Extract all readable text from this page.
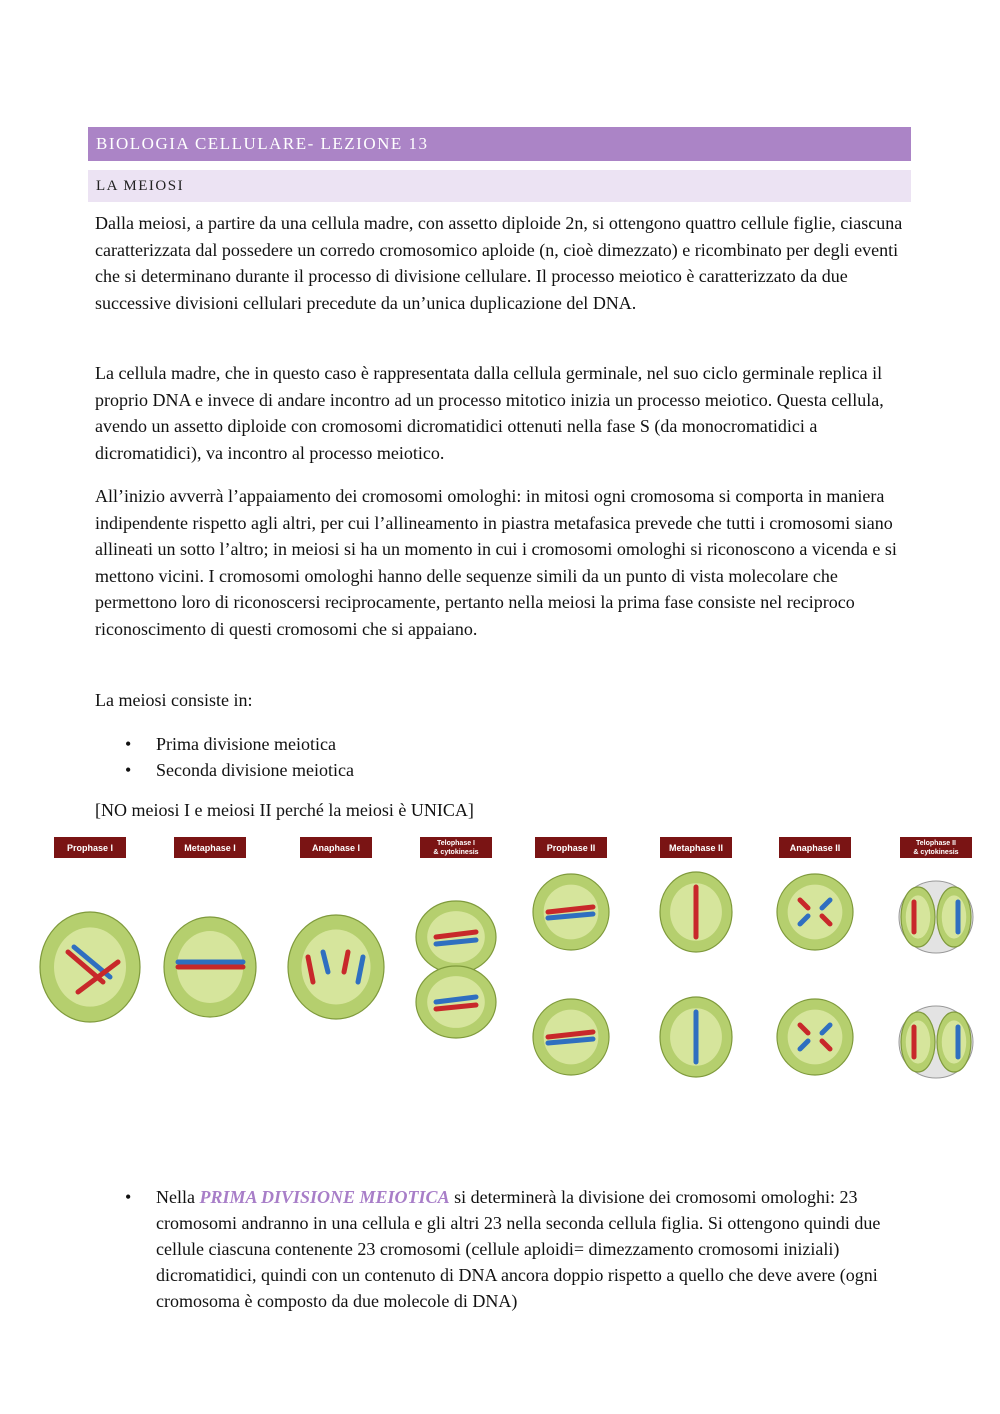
BIOLOGIA CELLULARE- LEZIONE 13
LA MEIOSI

Dalla meiosi, a partire da una cellula madre, con assetto diploide 2n, si ottengono quattro cellule figlie, ciascuna caratterizzata dal possedere un corredo cromosomico aploide (n, cioè dimezzato) e ricombinato per degli eventi che si determinano durante il processo di divisione cellulare. Il processo meiotico è caratterizzato da due successive divisioni cellulari precedute da un’unica duplicazione del DNA.

La cellula madre, che in questo caso è rappresentata dalla cellula germinale, nel suo ciclo germinale replica il proprio DNA e invece di andare incontro ad un processo mitotico inizia un processo meiotico. Questa cellula, avendo un assetto diploide con cromosomi dicromatidici ottenuti nella fase S (da monocromatidici a dicromatidici), va incontro al processo meiotico.

All’inizio avverrà l’appaiamento dei cromosomi omologhi: in mitosi ogni cromosoma si comporta in maniera indipendente rispetto agli altri, per cui l’allineamento in piastra metafasica prevede che tutti i cromosomi siano allineati un sotto l’altro; in meiosi si ha un momento in cui i cromosomi omologhi si riconoscono a vicenda e si mettono vicini. I cromosomi omologhi hanno delle sequenze simili da un punto di vista molecolare che permettono loro di riconoscersi reciprocamente, pertanto nella meiosi la prima fase consiste nel reciproco riconoscimento di questi cromosomi che si appaiano.

La meiosi consiste in:

• Prima divisione meiotica
• Seconda divisione meiotica

[NO meiosi I e meiosi II perché la meiosi è UNICA]

Prophase I	Metaphase I	Anaphase I	Telophase I & cytokinesis	Prophase II	Metaphase II	Anaphase II	Telophase II & cytokinesis
• Nella PRIMA DIVISIONE MEIOTICA si determinerà la divisione dei cromosomi omologhi: 23 cromosomi andranno in una cellula e gli altri 23 nella seconda cellula figlia. Si ottengono quindi due cellule ciascuna contenente 23 cromosomi (cellule aploidi= dimezzamento cromosomi iniziali) dicromatidici, quindi con un contenuto di DNA ancora doppio rispetto a quello che deve avere (ogni cromosoma è composto da due molecole di DNA)
